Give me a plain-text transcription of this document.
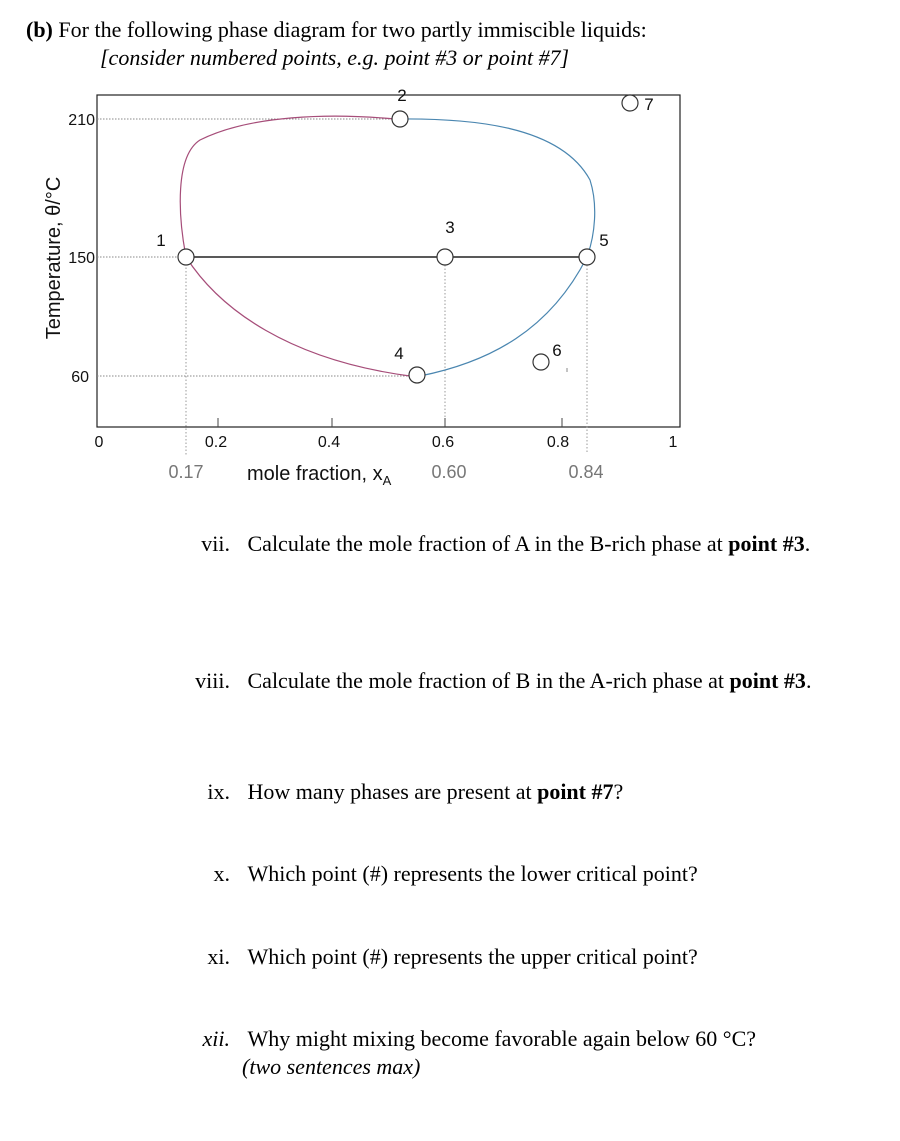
(b) For the following phase diagram for two partly immiscible liquids:
[consider numbered points, e.g. point #3 or point #7]
1
2
3
4
5
6
7
210
150
60
0	0.2	0.4	0.6	0.8	1
0.17	0.60	0.84
mole fraction, $x_A$
Temperature, θ/°C
vii. Calculate the mole fraction of A in the B-rich phase at point #3.
viii. Calculate the mole fraction of B in the A-rich phase at point #3.
ix. How many phases are present at point #7?
x. Which point (#) represents the lower critical point?
xi. Which point (#) represents the upper critical point?
xii. Why might mixing become favorable again below 60 °C?
(two sentences max)
